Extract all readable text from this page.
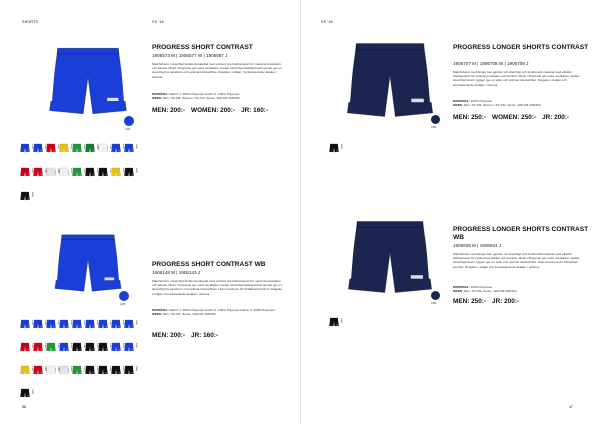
SHORTS	SS '18
56
1346
PROGRESS SHORT CONTRAST
1905573 M | 1905577 W | 1905587 J
Matchshorts i stretchigt funktionsmaterial med extremt bra fukttransport för maximal prestation och känsla. Mesh i förgrenar ger extra ventilation medan stretchigt elastiskt band grenar ger en stretchig bra passform och optimal rörelsefrihet. Dragsko i midjan. Kontrasterande detaljer i sidorna.
MATERIAL: Fabric 1: 100% Polyester Fabric 2: 100% Polyester
SIZES: Men: XS-3XL Women: XS-XXL Junior: 122/128-158/164
MEN: 200:- WOMEN: 200:- JR: 160:-
1346	2346	3346	4346	5346	6346	7346	8346	9346
1390	2390	3390	4390	5390	6390	7390	8390	9390
9999
1346
PROGRESS SHORT CONTRAST WB
1906148 M | 1906143 J
Matchshorts i stretchigt funktionsmaterial med extremt bra fukttransport för maximal prestation och känsla. Mesh i förgrenar ger extra ventilation medan stretchigt elastiskt band grenar ger en stretchig bra passform och optimal rörelsefrihet. Utan innerbyxa för förbättrad komfort. Dragsko i midjan. Kontrasterande detaljer i sidorna.
MATERIAL: Fabric 1: 100% Polyester Fabric 2: 100% Polyester Fabric 3: 100% Polyester
SIZES: Men: XS-3XL Junior: 122/128-158/164
MEN: 200:- JR: 160:-
1346	2346	3346	4346	5346	6346	7346	8346	9346
1390	2390	3390	4390	5390	6390	7390	8390	9390
1999	2999	3999	4999	5999	6999	7999	8999	9999
0999
SS '18
47
1390
PROGRESS LONGER SHORTS CONTRAST
1906707 M | 1906708 W | 1906709 J
Matchshorts med längre ben gjorda i ett stretchigt och funktionellt material med effektiv fukttransport för optimal prestation och komfort. Mesh i förgrenar ger extra ventilation medan stretchigt band i ryggen ger en skön och optimal rörelsefrihet. Dragsko i midjan och kontrasterande detaljer i sidorna.
MATERIAL: 100% Polyester
SIZES: Men: XS-3XL Women: XS-XXL Junior: 122/128-158/164
MEN: 250:- WOMEN: 250:- JR: 200:-
9999
1390
PROGRESS LONGER SHORTS CONTRAST WB
1906939 M | 1906941 J
Matchshorts med längre ben gjorda i ett stretchigt och funktionellt material med effektiv fukttransport för optimal prestation och komfort. Mesh i förgrenar ger extra ventilation medan stretchigt band i ryggen ger en skön och optimal rörelsefrihet. Utan innerbyxa för förbättrad komfort. Dragsko i midjan och kontrasterande detaljer i sidorna.
MATERIAL: 100% Polyester
SIZES: Men: XS-3XL Junior: 122/128-158/164
MEN: 250:- JR: 200:-
9999
